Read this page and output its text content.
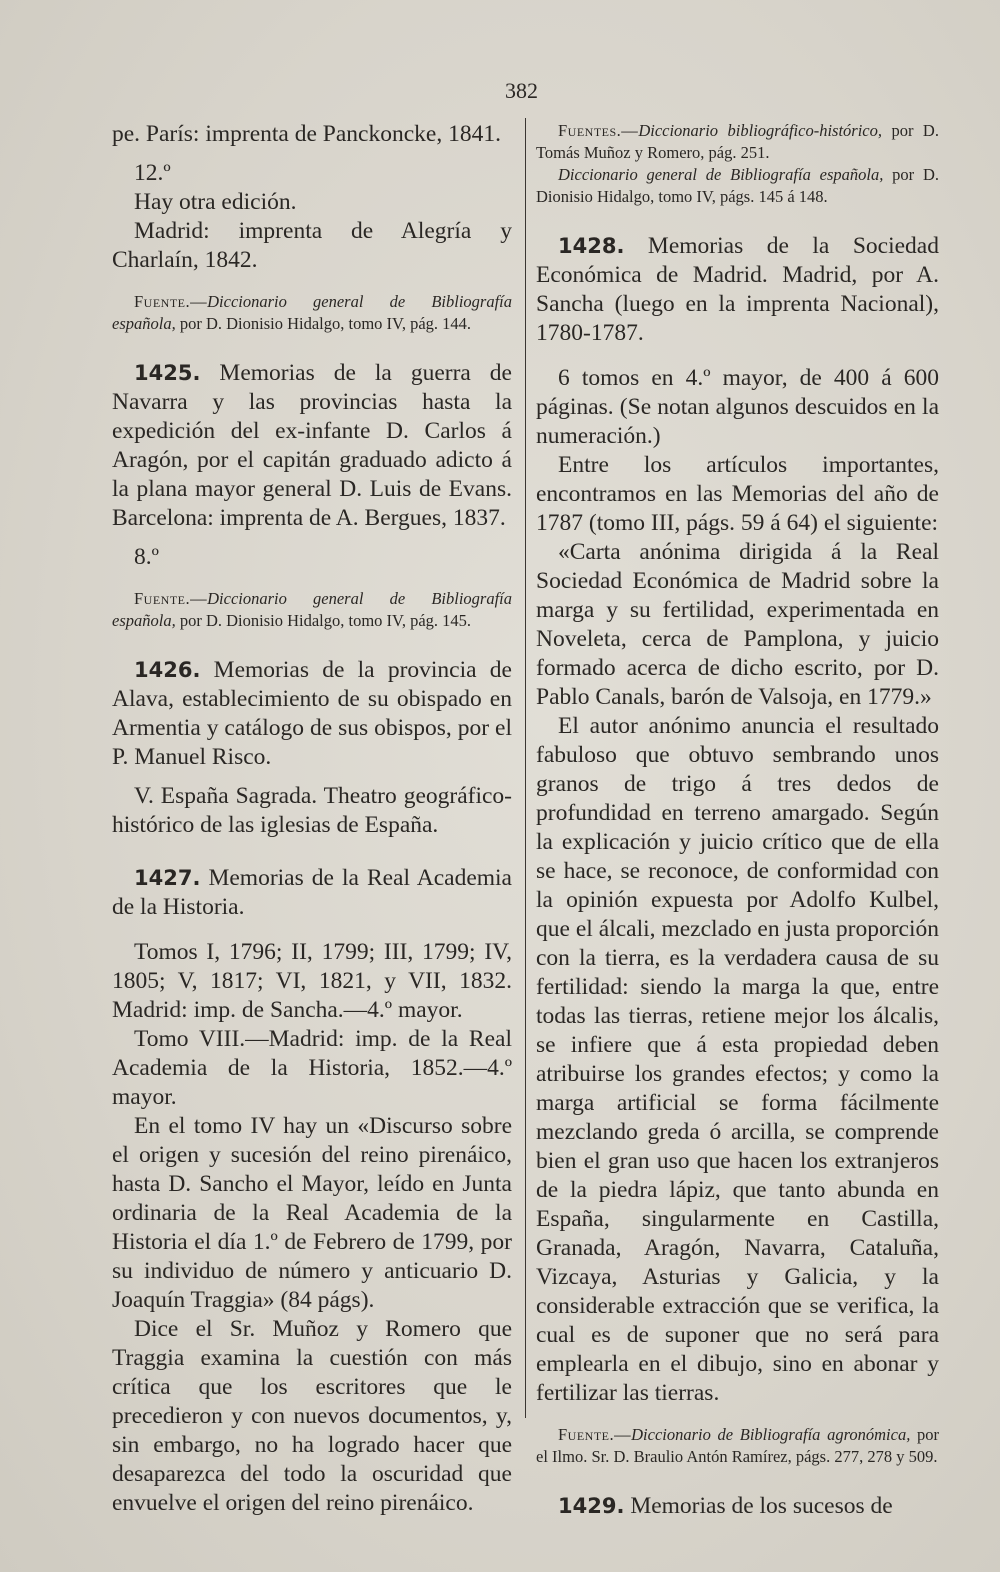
382

pe. París: imprenta de Panckoncke, 1841.

12.º

Hay otra edición.

Madrid: imprenta de Alegría y Charlaín, 1842.

Fuente.—Diccionario general de Bibliografía española, por D. Dionisio Hidalgo, tomo IV, pág. 144.

1425. Memorias de la guerra de Navarra y las provincias hasta la expedición del ex-infante D. Carlos á Aragón, por el capitán graduado adicto á la plana mayor general D. Luis de Evans. Barcelona: imprenta de A. Bergues, 1837.

8.º

Fuente.—Diccionario general de Bibliografía española, por D. Dionisio Hidalgo, tomo IV, pág. 145.

1426. Memorias de la provincia de Alava, establecimiento de su obispado en Armentia y catálogo de sus obispos, por el P. Manuel Risco.

V. España Sagrada. Theatro geográfico-histórico de las iglesias de España.

1427. Memorias de la Real Academia de la Historia.

Tomos I, 1796; II, 1799; III, 1799; IV, 1805; V, 1817; VI, 1821, y VII, 1832. Madrid: imp. de Sancha.—4.º mayor.

Tomo VIII.—Madrid: imp. de la Real Academia de la Historia, 1852.—4.º mayor.

En el tomo IV hay un «Discurso sobre el origen y sucesión del reino pirenáico, hasta D. Sancho el Mayor, leído en Junta ordinaria de la Real Academia de la Historia el día 1.º de Febrero de 1799, por su individuo de número y anticuario D. Joaquín Traggia» (84 págs).

Dice el Sr. Muñoz y Romero que Traggia examina la cuestión con más crítica que los escritores que le precedieron y con nuevos documentos, y, sin embargo, no ha logrado hacer que desaparezca del todo la oscuridad que envuelve el origen del reino pirenáico.

Fuentes.—Diccionario bibliográfico-histórico, por D. Tomás Muñoz y Romero, pág. 251.

Diccionario general de Bibliografía española, por D. Dionisio Hidalgo, tomo IV, págs. 145 á 148.

1428. Memorias de la Sociedad Económica de Madrid. Madrid, por A. Sancha (luego en la imprenta Nacional), 1780-1787.

6 tomos en 4.º mayor, de 400 á 600 páginas. (Se notan algunos descuidos en la numeración.)

Entre los artículos importantes, encontramos en las Memorias del año de 1787 (tomo III, págs. 59 á 64) el siguiente:

«Carta anónima dirigida á la Real Sociedad Económica de Madrid sobre la marga y su fertilidad, experimentada en Noveleta, cerca de Pamplona, y juicio formado acerca de dicho escrito, por D. Pablo Canals, barón de Valsoja, en 1779.»

El autor anónimo anuncia el resultado fabuloso que obtuvo sembrando unos granos de trigo á tres dedos de profundidad en terreno amargado. Según la explicación y juicio crítico que de ella se hace, se reconoce, de conformidad con la opinión expuesta por Adolfo Kulbel, que el álcali, mezclado en justa proporción con la tierra, es la verdadera causa de su fertilidad: siendo la marga la que, entre todas las tierras, retiene mejor los álcalis, se infiere que á esta propiedad deben atribuirse los grandes efectos; y como la marga artificial se forma fácilmente mezclando greda ó arcilla, se comprende bien el gran uso que hacen los extranjeros de la piedra lápiz, que tanto abunda en España, singularmente en Castilla, Granada, Aragón, Navarra, Cataluña, Vizcaya, Asturias y Galicia, y la considerable extracción que se verifica, la cual es de suponer que no será para emplearla en el dibujo, sino en abonar y fertilizar las tierras.

Fuente.—Diccionario de Bibliografía agronómica, por el Ilmo. Sr. D. Braulio Antón Ramírez, págs. 277, 278 y 509.

1429. Memorias de los sucesos de
